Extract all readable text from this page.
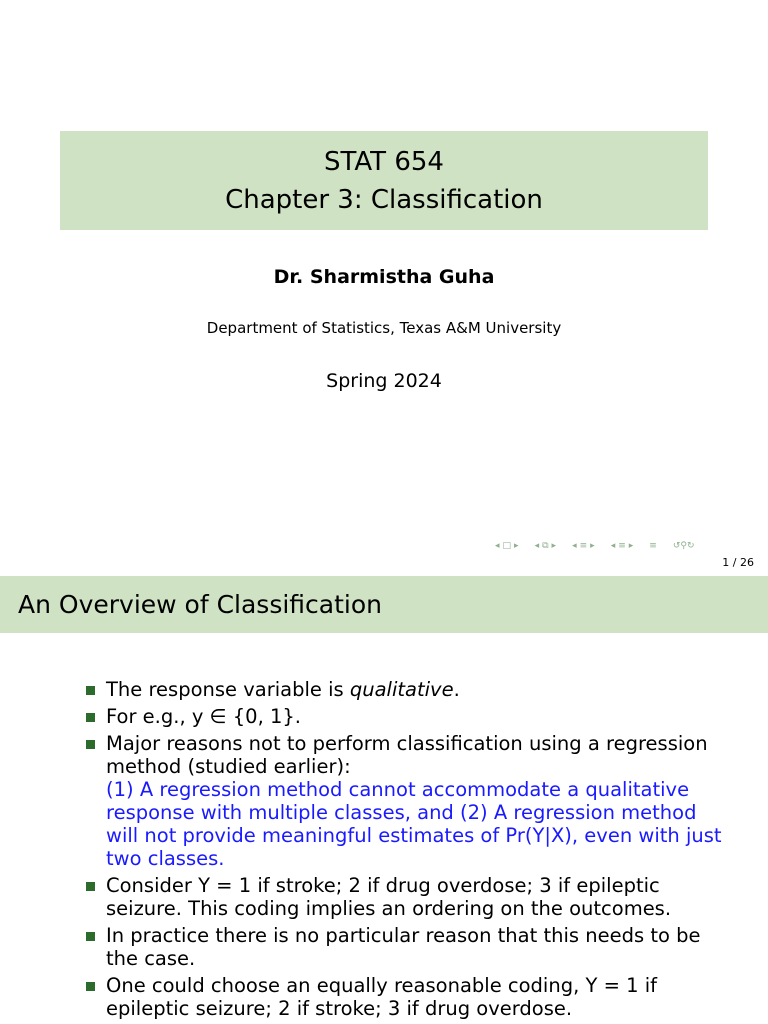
STAT 654
Chapter 3: Classification
Dr. Sharmistha Guha
Department of Statistics, Texas A&M University
Spring 2024
◂ □ ▸ ◂ ⧉ ▸ ◂ ≡ ▸ ◂ ≡ ▸ ≡ ↺⚲↻
1 / 26
An Overview of Classification
The response variable is qualitative.
For e.g., y ∈ {0, 1}.
Major reasons not to perform classification using a regression method (studied earlier):
(1) A regression method cannot accommodate a qualitative response with multiple classes, and (2) A regression method will not provide meaningful estimates of Pr(Y|X), even with just two classes.
Consider Y = 1 if stroke; 2 if drug overdose; 3 if epileptic seizure. This coding implies an ordering on the outcomes.
In practice there is no particular reason that this needs to be the case.
One could choose an equally reasonable coding, Y = 1 if epileptic seizure; 2 if stroke; 3 if drug overdose.
